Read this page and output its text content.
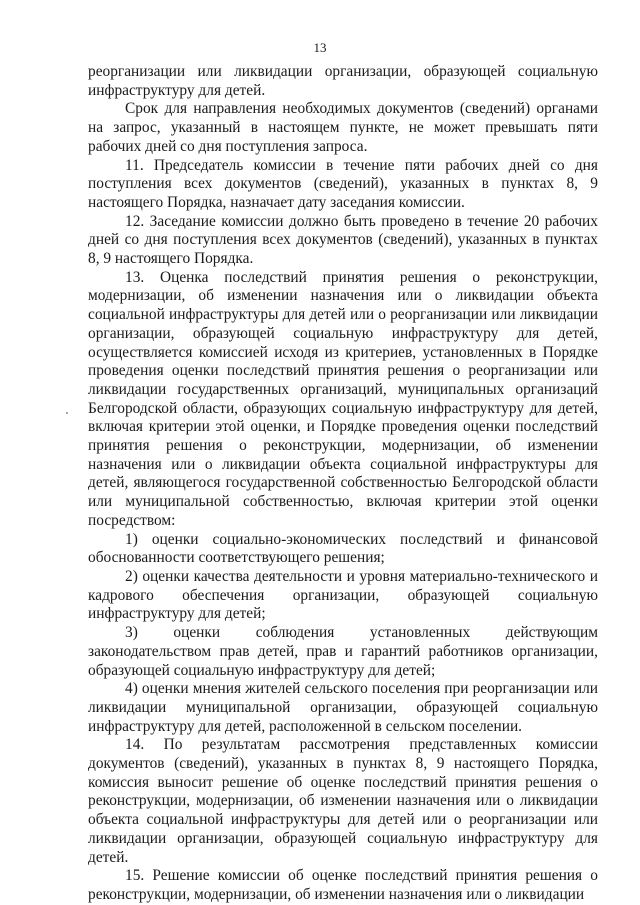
13

реорганизации или ликвидации организации, образующей социальную инфраструктуру для детей.

Срок для направления необходимых документов (сведений) органами на запрос, указанный в настоящем пункте, не может превышать пяти рабочих дней со дня поступления запроса.

11. Председатель комиссии в течение пяти рабочих дней со дня поступления всех документов (сведений), указанных в пунктах 8, 9 настоящего Порядка, назначает дату заседания комиссии.

12. Заседание комиссии должно быть проведено в течение 20 рабочих дней со дня поступления всех документов (сведений), указанных в пунктах 8, 9 настоящего Порядка.

13. Оценка последствий принятия решения о реконструкции, модернизации, об изменении назначения или о ликвидации объекта социальной инфраструктуры для детей или о реорганизации или ликвидации организации, образующей социальную инфраструктуру для детей, осуществляется комиссией исходя из критериев, установленных в Порядке проведения оценки последствий принятия решения о реорганизации или ликвидации государственных организаций, муниципальных организаций Белгородской области, образующих социальную инфраструктуру для детей, включая критерии этой оценки, и Порядке проведения оценки последствий принятия решения о реконструкции, модернизации, об изменении назначения или о ликвидации объекта социальной инфраструктуры для детей, являющегося государственной собственностью Белгородской области или муниципальной собственностью, включая критерии этой оценки посредством:

1) оценки социально-экономических последствий и финансовой обоснованности соответствующего решения;

2) оценки качества деятельности и уровня материально-технического и кадрового обеспечения организации, образующей социальную инфраструктуру для детей;

3) оценки соблюдения установленных действующим законодательством прав детей, прав и гарантий работников организации, образующей социальную инфраструктуру для детей;

4) оценки мнения жителей сельского поселения при реорганизации или ликвидации муниципальной организации, образующей социальную инфраструктуру для детей, расположенной в сельском поселении.

14. По результатам рассмотрения представленных комиссии документов (сведений), указанных в пунктах 8, 9 настоящего Порядка, комиссия выносит решение об оценке последствий принятия решения о реконструкции, модернизации, об изменении назначения или о ликвидации объекта социальной инфраструктуры для детей или о реорганизации или ликвидации организации, образующей социальную инфраструктуру для детей.

15. Решение комиссии об оценке последствий принятия решения о реконструкции, модернизации, об изменении назначения или о ликвидации
